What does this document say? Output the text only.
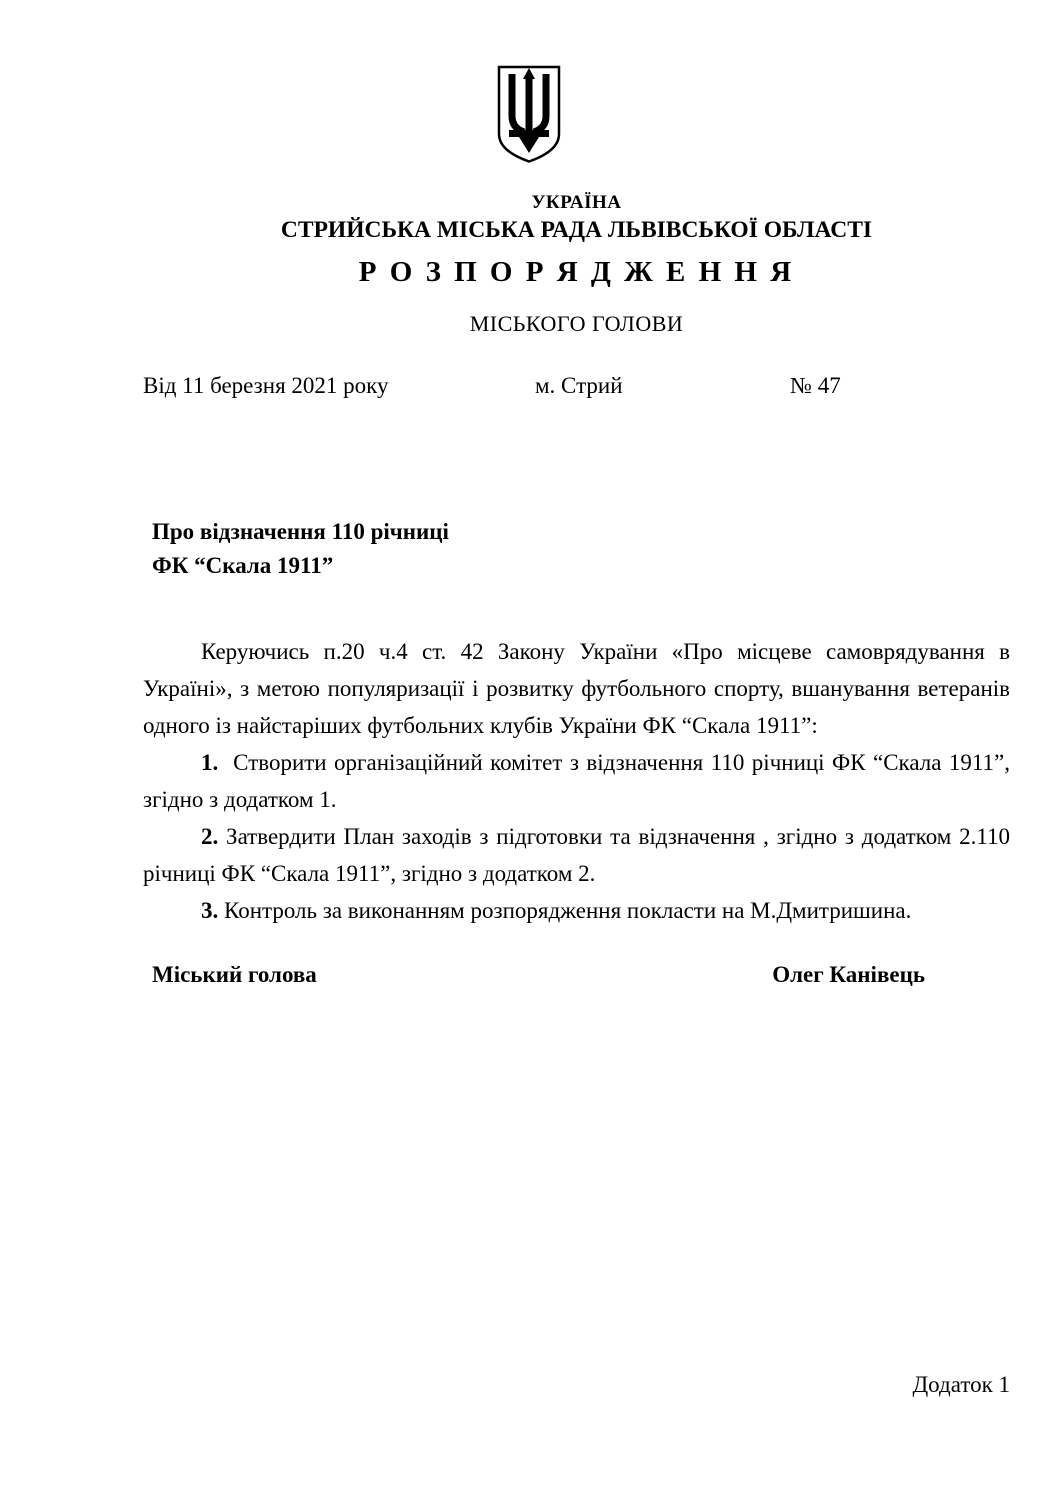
УКРАЇНА
СТРИЙСЬКА МІСЬКА РАДА ЛЬВІВСЬКОЇ ОБЛАСТІ
Р О З П О Р Я Д Ж Е Н Н Я
МІСЬКОГО ГОЛОВИ
Від 11 березня 2021 року	м. Стрий	№ 47
Про відзначення 110 річниці
ФК “Скала 1911”

Керуючись п.20 ч.4 ст. 42 Закону України «Про місцеве самоврядування в Україні», з метою популяризації і розвитку футбольного спорту, вшанування ветеранів одного із найстаріших футбольних клубів України ФК “Скала 1911”:

1. Створити організаційний комітет з відзначення 110 річниці ФК “Скала 1911”, згідно з додатком 1.

2. Затвердити План заходів з підготовки та відзначення , згідно з додатком 2.110 річниці ФК “Скала 1911”, згідно з додатком 2.

3. Контроль за виконанням розпорядження покласти на М.Дмитришина.

Міський голова	Олег Канівець
Додаток 1
